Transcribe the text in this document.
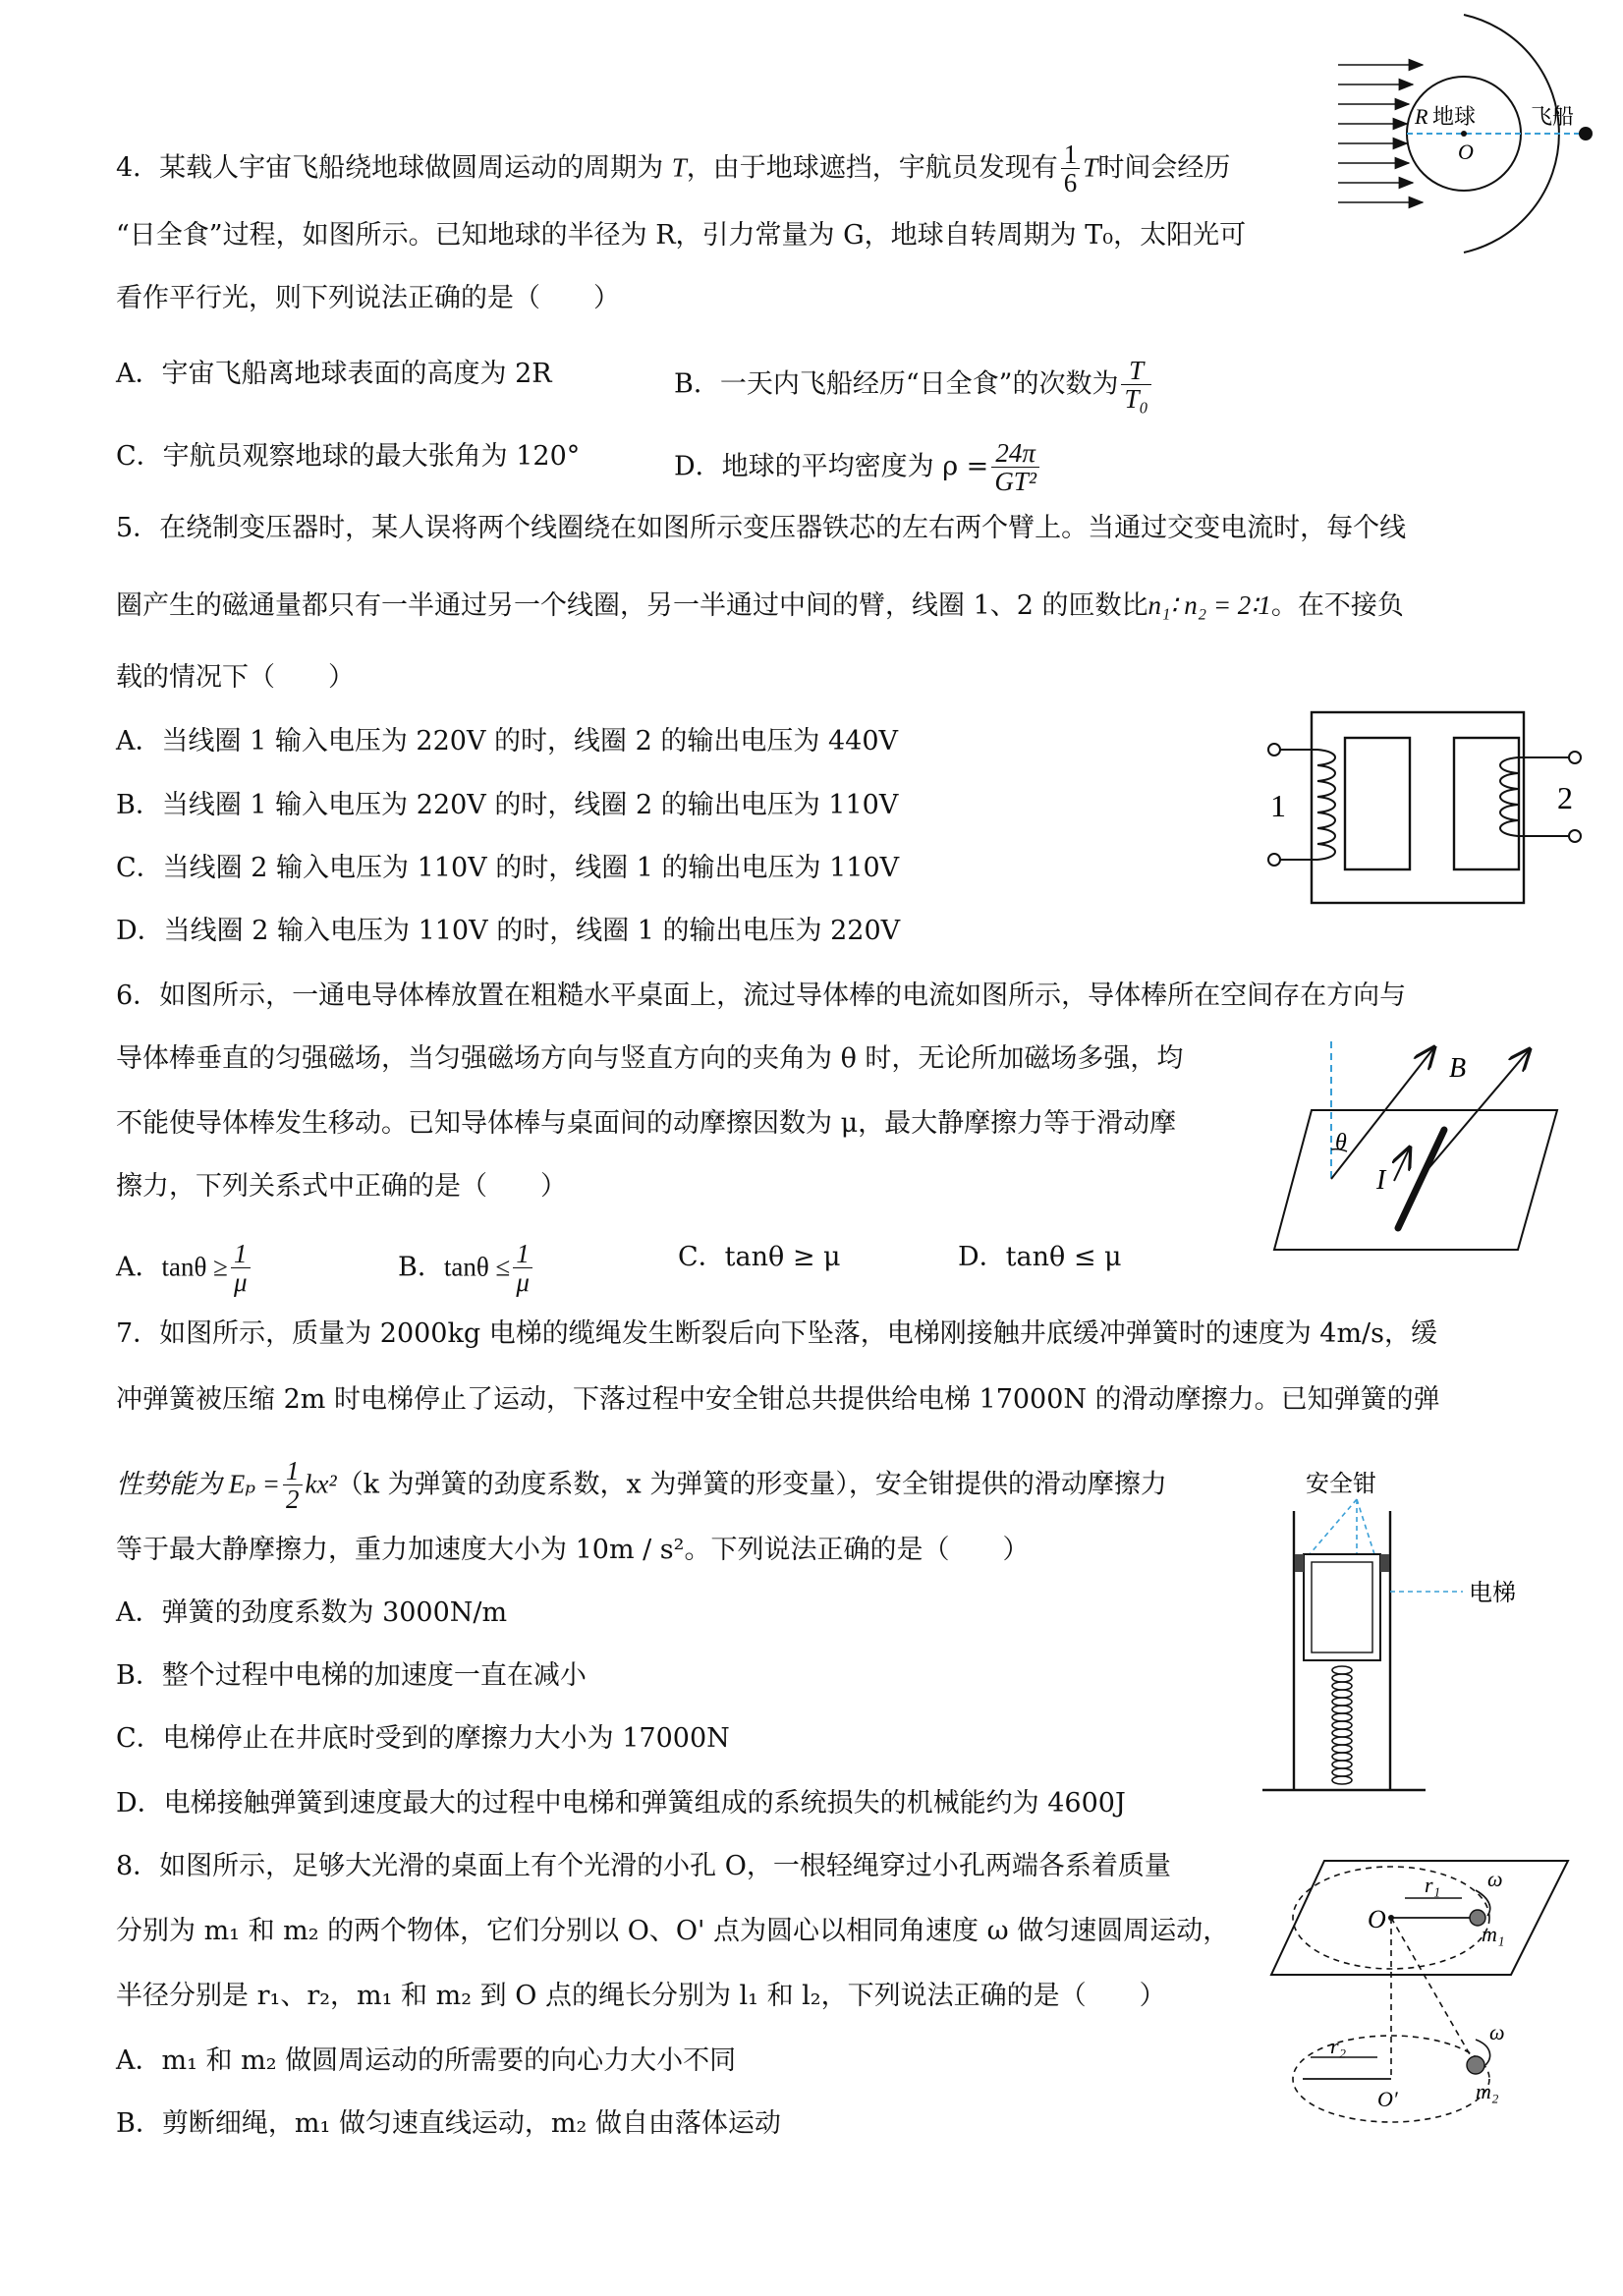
4．某载人宇宙飞船绕地球做圆周运动的周期为 T，由于地球遮挡，宇航员发现有 $\frac{1}{6}$ T时间会经历
“日全食”过程，如图所示。已知地球的半径为 R，引力常量为 G，地球自转周期为 T₀，太阳光可
看作平行光，则下列说法正确的是（　　）
A．宇宙飞船离地球表面的高度为 2R	B．一天内飞船经历“日全食”的次数为 $\frac{T}{\text{T₀}}$
C．宇航员观察地球的最大张角为 120°	D．地球的平均密度为 $\rho = \frac{24\pi}{\text{GT²}}$
R 地球
O
飞船
5．在绕制变压器时，某人误将两个线圈绕在如图所示变压器铁芯的左右两个臂上。当通过交变电流时，每个线
圈产生的磁通量都只有一半通过另一个线圈，另一半通过中间的臂，线圈 1、2 的匝数比n₁∶ n₂ = 2∶1。在不接负
载的情况下（　　）
A．当线圈 1 输入电压为 220V 的时，线圈 2 的输出电压为 440V
B．当线圈 1 输入电压为 220V 的时，线圈 2 的输出电压为 110V
C．当线圈 2 输入电压为 110V 的时，线圈 1 的输出电压为 110V
D．当线圈 2 输入电压为 110V 的时，线圈 1 的输出电压为 220V
1	2
6．如图所示，一通电导体棒放置在粗糙水平桌面上，流过导体棒的电流如图所示，导体棒所在空间存在方向与
导体棒垂直的匀强磁场，当匀强磁场方向与竖直方向的夹角为 θ 时，无论所加磁场多强，均
不能使导体棒发生移动。已知导体棒与桌面间的动摩擦因数为 μ，最大静摩擦力等于滑动摩
擦力，下列关系式中正确的是（　　）
A．$\tan\theta \ge \frac{1}{\mu}$	B．$\tan\theta \le \frac{1}{\mu}$	C．tanθ ≥ μ	D．tanθ ≤ μ
B
θ
I
7．如图所示，质量为 2000kg 电梯的缆绳发生断裂后向下坠落，电梯刚接触井底缓冲弹簧时的速度为 4m/s，缓
冲弹簧被压缩 2m 时电梯停止了运动，下落过程中安全钳总共提供给电梯 17000N 的滑动摩擦力。已知弹簧的弹
性势能为 $E_p = \frac{1}{2} kx^2(k$ 为弹簧的劲度系数，x 为弹簧的形变量），安全钳提供的滑动摩擦力
等于最大静摩擦力，重力加速度大小为 10m / s²。下列说法正确的是（　　）
A．弹簧的劲度系数为 3000N/m
B．整个过程中电梯的加速度一直在减小
C．电梯停止在井底时受到的摩擦力大小为 17000N
D．电梯接触弹簧到速度最大的过程中电梯和弹簧组成的系统损失的机械能约为 4600J
安全钳
电梯
8．如图所示，足够大光滑的桌面上有个光滑的小孔 O，一根轻绳穿过小孔两端各系着质量
分别为 m₁ 和 m₂ 的两个物体，它们分别以 O、O' 点为圆心以相同角速度 ω 做匀速圆周运动，
半径分别是 r₁、r₂，m₁ 和 m₂ 到 O 点的绳长分别为 l₁ 和 l₂，下列说法正确的是（　　）
A．m₁ 和 m₂ 做圆周运动的所需要的向心力大小不同
B．剪断细绳，m₁ 做匀速直线运动，m₂ 做自由落体运动
O
r₁
m₁
ω
ω
r₂
O′	m₂
